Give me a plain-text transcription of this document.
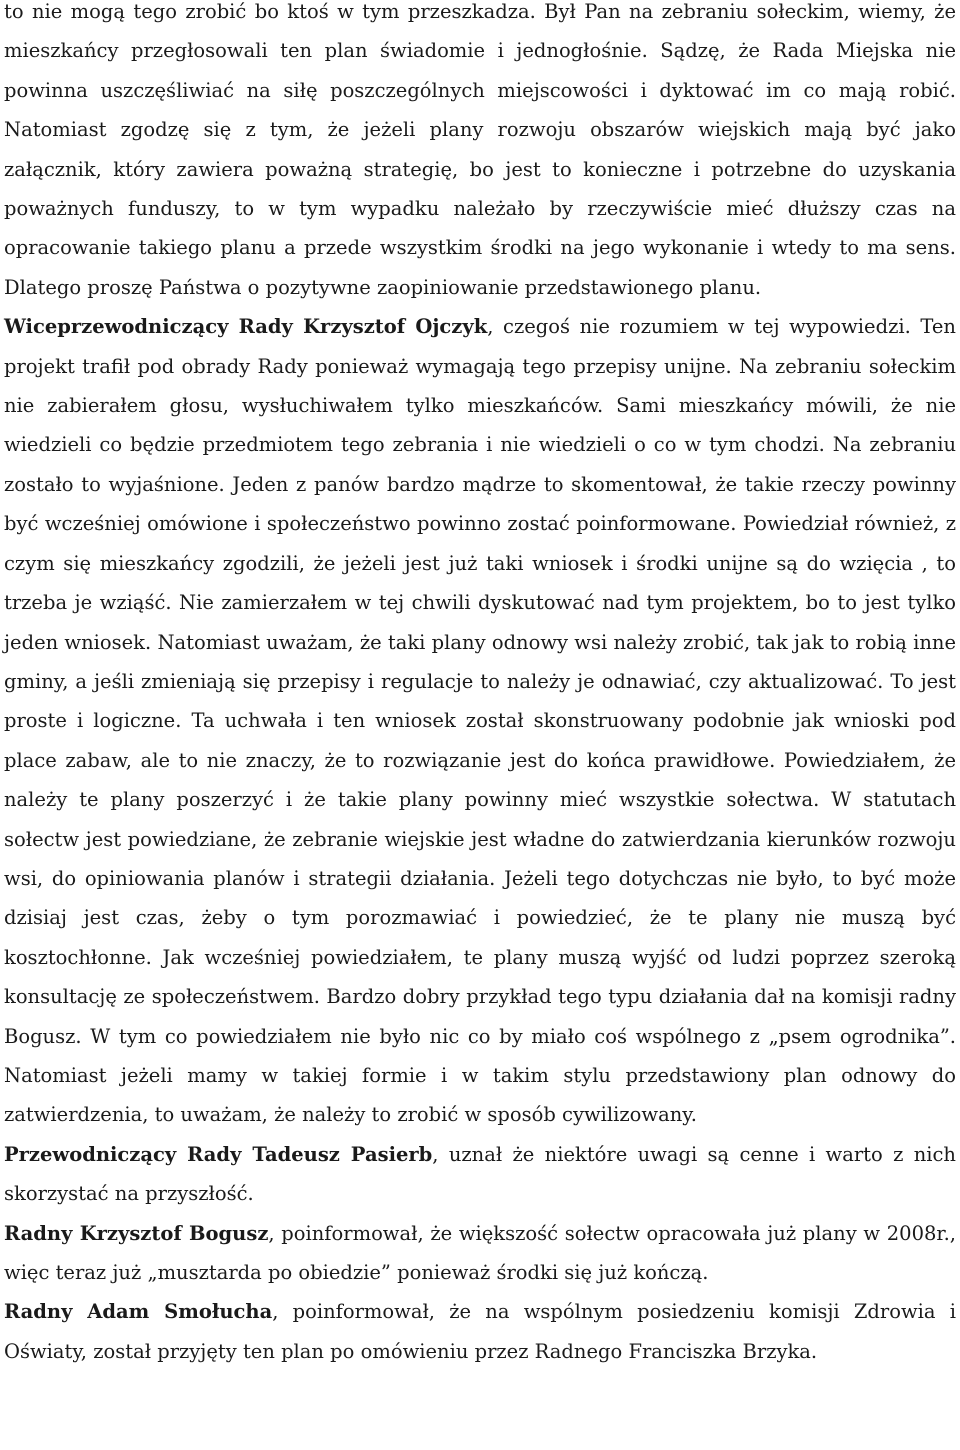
to nie mogą tego zrobić bo ktoś w tym przeszkadza. Był Pan na zebraniu sołeckim, wiemy, że mieszkańcy przegłosowali ten plan świadomie i jednogłośnie. Sądzę, że Rada Miejska nie powinna uszczęśliwiać na siłę poszczególnych miejscowości i dyktować im co mają robić. Natomiast zgodzę się z tym, że jeżeli plany rozwoju obszarów wiejskich mają być jako załącznik, który zawiera poważną strategię, bo jest to konieczne i potrzebne do uzyskania poważnych funduszy, to w tym wypadku należało by rzeczywiście mieć dłuższy czas na opracowanie takiego planu a przede wszystkim środki na jego wykonanie i wtedy to ma sens. Dlatego proszę Państwa o pozytywne zaopiniowanie przedstawionego planu.

Wiceprzewodniczący Rady Krzysztof Ojczyk, czegoś nie rozumiem w tej wypowiedzi. Ten projekt trafił pod obrady Rady ponieważ wymagają tego przepisy unijne. Na zebraniu sołeckim nie zabierałem głosu, wysłuchiwałem tylko mieszkańców. Sami mieszkańcy mówili, że nie wiedzieli co będzie przedmiotem tego zebrania i nie wiedzieli o co w tym chodzi. Na zebraniu zostało to wyjaśnione. Jeden z panów bardzo mądrze to skomentował, że takie rzeczy powinny być wcześniej omówione i społeczeństwo powinno zostać poinformowane. Powiedział również, z czym się mieszkańcy zgodzili, że jeżeli jest już taki wniosek i środki unijne są do wzięcia , to trzeba je wziąść. Nie zamierzałem w tej chwili dyskutować nad tym projektem, bo to jest tylko jeden wniosek. Natomiast uważam, że taki plany odnowy wsi należy zrobić, tak jak to robią inne gminy, a jeśli zmieniają się przepisy i regulacje to należy je odnawiać, czy aktualizować. To jest proste i logiczne. Ta uchwała i ten wniosek został skonstruowany podobnie jak wnioski pod place zabaw, ale to nie znaczy, że to rozwiązanie jest do końca prawidłowe. Powiedziałem, że należy te plany poszerzyć i że takie plany powinny mieć wszystkie sołectwa. W statutach sołectw jest powiedziane, że zebranie wiejskie jest władne do zatwierdzania kierunków rozwoju wsi, do opiniowania planów i strategii działania. Jeżeli tego dotychczas nie było, to być może dzisiaj jest czas, żeby o tym porozmawiać i powiedzieć, że te plany nie muszą być kosztochłonne. Jak wcześniej powiedziałem, te plany muszą wyjść od ludzi poprzez szeroką konsultację ze społeczeństwem. Bardzo dobry przykład tego typu działania dał na komisji radny Bogusz. W tym co powiedziałem nie było nic co by miało coś wspólnego z „psem ogrodnika”. Natomiast jeżeli mamy w takiej formie i w takim stylu przedstawiony plan odnowy do zatwierdzenia, to uważam, że należy to zrobić w sposób cywilizowany.

Przewodniczący Rady Tadeusz Pasierb, uznał że niektóre uwagi są cenne i warto z nich skorzystać na przyszłość.

Radny Krzysztof Bogusz, poinformował, że większość sołectw opracowała już plany w 2008r., więc teraz już „musztarda po obiedzie” ponieważ środki się już kończą.

Radny Adam Smołucha, poinformował, że na wspólnym posiedzeniu komisji Zdrowia i Oświaty, został przyjęty ten plan po omówieniu przez Radnego Franciszka Brzyka.
